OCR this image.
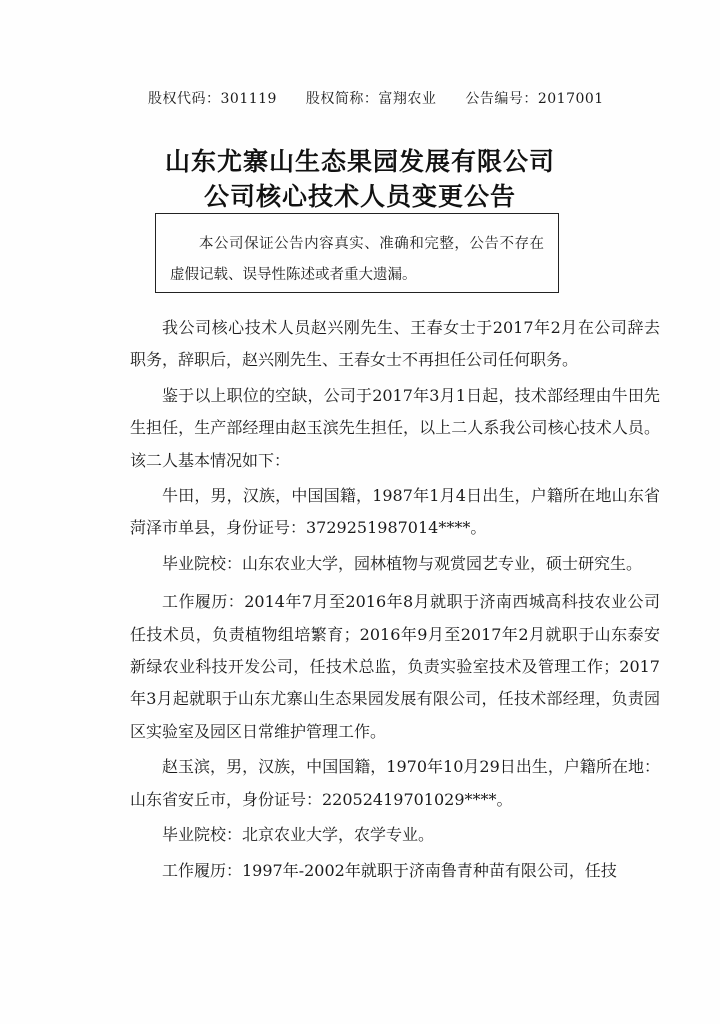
股权代码：301119 股权简称：富翔农业 公告编号：2017001
山东尤寨山生态果园发展有限公司
公司核心技术人员变更公告
本公司保证公告内容真实、准确和完整，公告不存在虚假记载、误导性陈述或者重大遗漏。

我公司核心技术人员赵兴刚先生、王春女士于2017年2月在公司辞去职务，辞职后，赵兴刚先生、王春女士不再担任公司任何职务。

鉴于以上职位的空缺，公司于2017年3月1日起，技术部经理由牛田先生担任，生产部经理由赵玉滨先生担任，以上二人系我公司核心技术人员。该二人基本情况如下：

牛田，男，汉族，中国国籍，1987年1月4日出生，户籍所在地山东省菏泽市单县，身份证号：3729251987014****。

毕业院校：山东农业大学，园林植物与观赏园艺专业，硕士研究生。

工作履历：2014年7月至2016年8月就职于济南西城高科技农业公司任技术员，负责植物组培繁育；2016年9月至2017年2月就职于山东泰安新绿农业科技开发公司，任技术总监，负责实验室技术及管理工作；2017年3月起就职于山东尤寨山生态果园发展有限公司，任技术部经理，负责园区实验室及园区日常维护管理工作。

赵玉滨，男，汉族，中国国籍，1970年10月29日出生，户籍所在地：山东省安丘市，身份证号：22052419701029****。

毕业院校：北京农业大学，农学专业。

工作履历：1997年-2002年就职于济南鲁青种苗有限公司，任技
